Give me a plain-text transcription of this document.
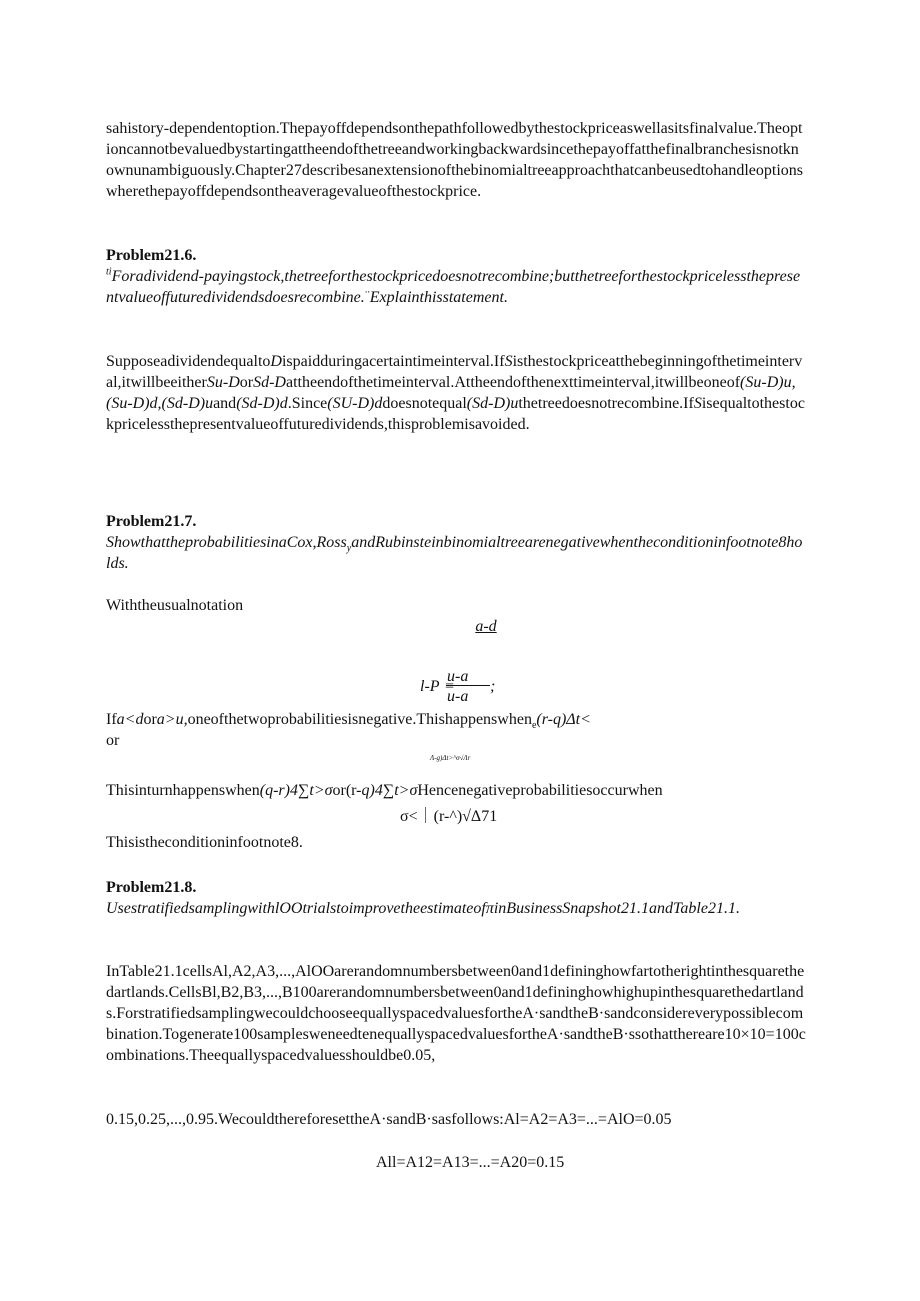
sahistory-dependentoption.Thepayoffdependsonthepathfollowedbythestockpriceaswellasitsfinalvalue.Theoptioncannotbevaluedbystartingattheendofthetreeandworkingbackwardsincethepayoffatthefinalbranchesisnotknownunambiguously.Chapter27describesanextensionofthebinomialtreeapproachthatcanbeusedtohandleoptionswherethepayoffdependsontheaveragevalueofthestockprice.

Problem21.6.

$^{ti}$Foradividend-payingstock,thetreeforthestockpricedoesnotrecombine;butthetreeforthestockpricelessthepresentvalueoffuturedividendsdoesrecombine.··Explainthisstatement.

SupposeadividendequaltoDispaidduringacertaintimeinterval.IfSisthestockpriceatthebeginningofthetimeinterval,itwillbeeitherSu-DorSd-Dattheendofthetimeinterval.Attheendofthenexttimeinterval,itwillbeoneof(Su-D)u,(Su-D)d,(Sd-D)uand(Sd-D)d.Since(SU-D)ddoesnotequal(Sd-D)uthetreedoesnotrecombine.IfSisequaltothestockpricelessthepresentvalueoffuturedividends,thisproblemisavoided.

Problem21.7.

ShowthattheprobabilitiesinaCox,Ross$_y$andRubinsteinbinomialtreearenegativewhentheconditioninfootnote8holds.

Withtheusualnotation

a-d
l-P =
u-a
u-a
;

Ifa<dora>u,oneofthetwoprobabilitiesisnegative.Thishappenswhen$_e$(r-q)Δt<

or

Λ-g)Δt>^σ√Λr

Thisinturnhappenswhen(q-r)4∑t>σor(r-q)4∑t>σHencenegativeprobabilitiesoccurwhen

σ<｜(r-^)√Δ71

Thisistheconditioninfootnote8.

Problem21.8.

UsestratifiedsamplingwithlOOtrialstoimprovetheestimateofπinBusinessSnapshot21.1andTable21.1.

InTable21.1cellsAl,A2,A3,...,AlOOarerandomnumbersbetween0and1defininghowfartotherightinthesquarethedartlands.CellsBl,B2,B3,...,B100arerandomnumbersbetween0and1defininghowhighupinthesquarethedartlands.ForstratifiedsamplingwecouldchooseequallyspacedvaluesfortheA·sandtheB·sandconsidereverypossiblecombination.Togenerate100samplesweneedtenequallyspacedvaluesfortheA·sandtheB·ssothatthereare10×10=100combinations.Theequallyspacedvaluesshouldbe0.05,

0.15,0.25,...,0.95.WecouldthereforesettheA·sandB·sasfollows:Al=A2=A3=...=AlO=0.05

All=A12=A13=...=A20=0.15
